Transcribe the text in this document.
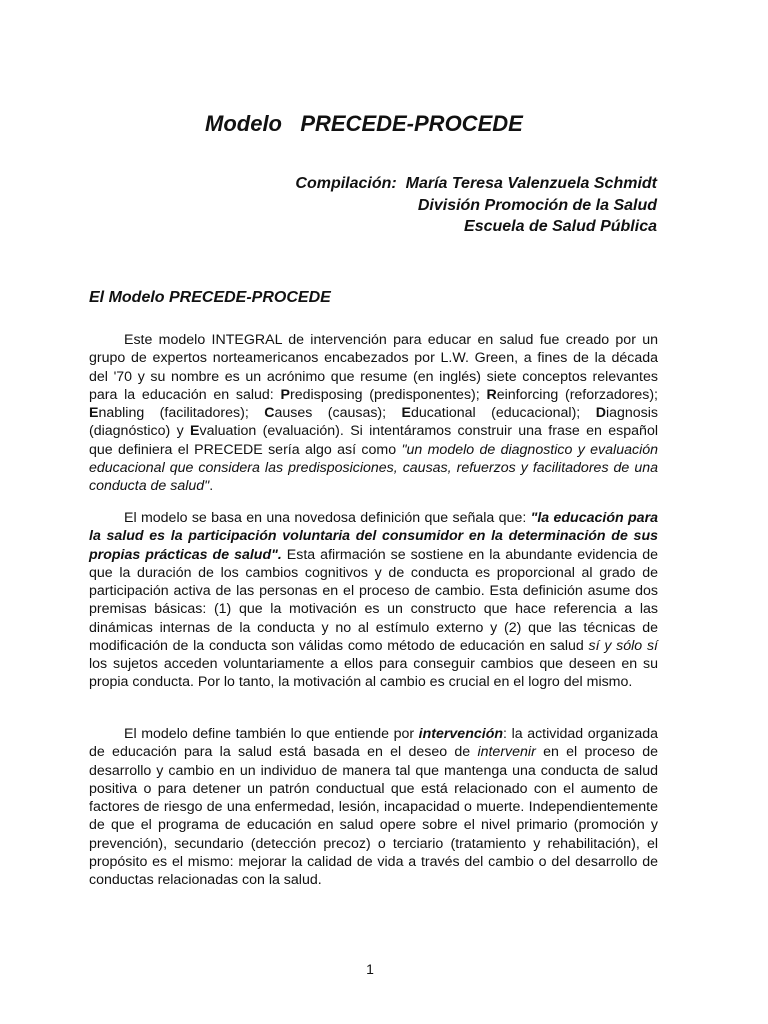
Modelo   PRECEDE-PROCEDE
Compilación:  María Teresa Valenzuela Schmidt
División Promoción de la Salud
Escuela de Salud Pública
El Modelo PRECEDE-PROCEDE

Este modelo INTEGRAL de intervención para educar en salud fue creado por un grupo de expertos norteamericanos encabezados por L.W. Green, a fines de la década del '70 y su nombre es un acrónimo que resume (en inglés) siete conceptos relevantes para la educación en salud: Predisposing (predisponentes); Reinforcing (reforzadores); Enabling (facilitadores); Causes (causas); Educational (educacional); Diagnosis (diagnóstico) y Evaluation (evaluación). Si intentáramos construir una frase en español que definiera el PRECEDE sería algo así como "un modelo de diagnostico y evaluación educacional que considera las predisposiciones, causas, refuerzos y facilitadores de una conducta de salud".

El modelo se basa en una novedosa definición que señala que: "la educación para la salud es la participación voluntaria del consumidor en la determinación de sus propias prácticas de salud". Esta afirmación se sostiene en la abundante evidencia de que la duración de los cambios cognitivos y de conducta es proporcional al grado de participación activa de las personas en el proceso de cambio. Esta definición asume dos premisas básicas: (1) que la motivación es un constructo que hace referencia a las dinámicas internas de la conducta y no al estímulo externo y (2) que las técnicas de modificación de la conducta son válidas como método de educación en salud sí y sólo sí los sujetos acceden voluntariamente a ellos para conseguir cambios que deseen en su propia conducta. Por lo tanto, la motivación al cambio es crucial en el logro del mismo.

El modelo define también lo que entiende por intervención: la actividad organizada de educación para la salud está basada en el deseo de intervenir en el proceso de desarrollo y cambio en un individuo de manera tal que mantenga una conducta de salud positiva o para detener un patrón conductual que está relacionado con el aumento de factores de riesgo de una enfermedad, lesión, incapacidad o muerte. Independientemente de que el programa de educación en salud opere sobre el nivel primario (promoción y prevención), secundario (detección precoz) o terciario (tratamiento y rehabilitación), el propósito es el mismo: mejorar la calidad de vida a través del cambio o del desarrollo de conductas relacionadas con la salud.

1
